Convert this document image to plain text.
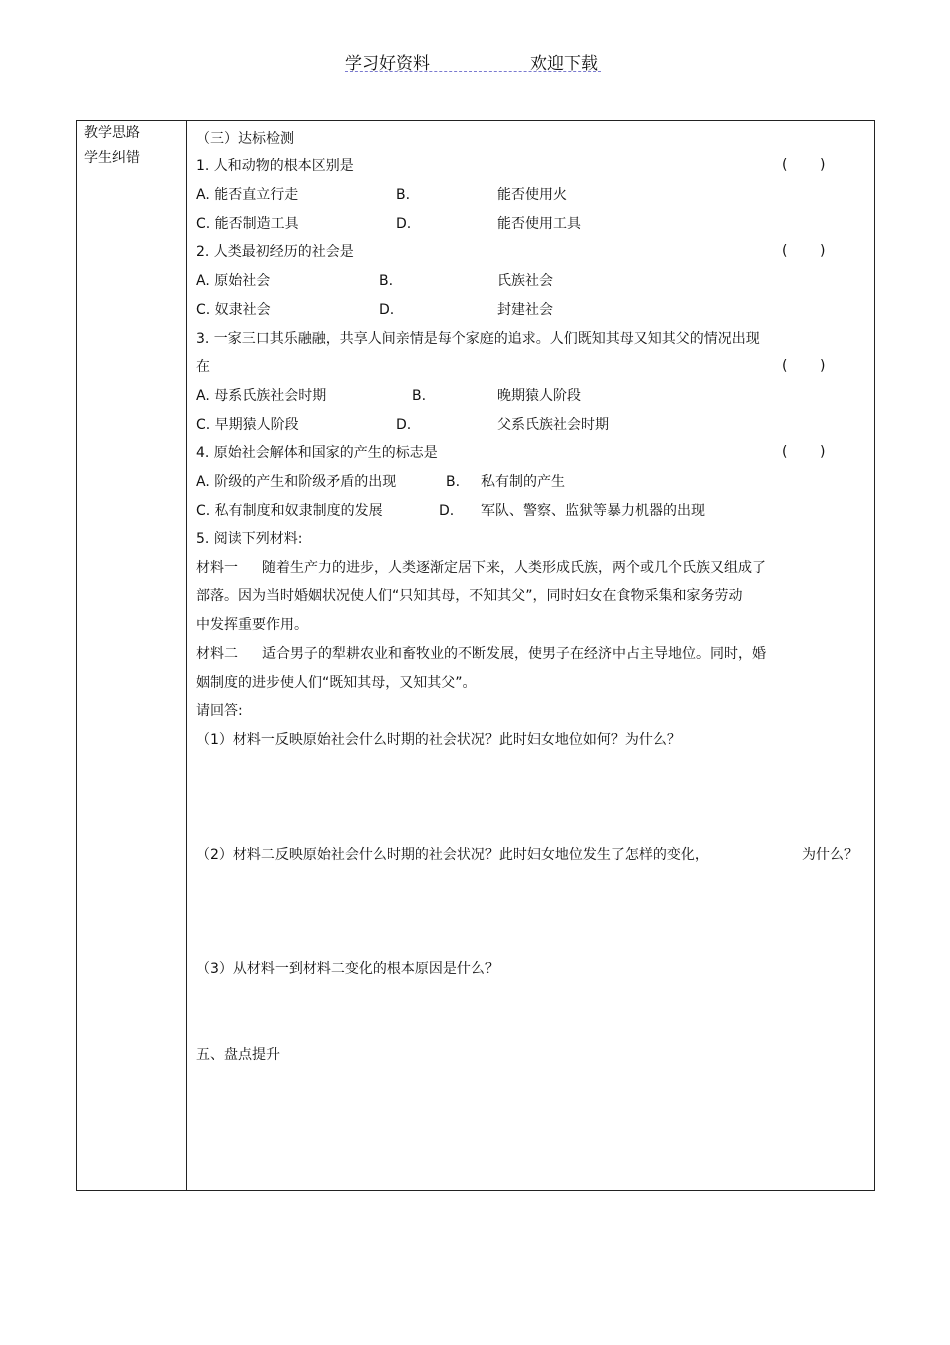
学习好资料	欢迎下载
教学思路
学生纠错
（三）达标检测
1. 人和动物的根本区别是	( )
A. 能否直立行走	B.	能否使用火
C. 能否制造工具	D.	能否使用工具
2. 人类最初经历的社会是	( )
A. 原始社会	B.	氏族社会
C. 奴隶社会	D.	封建社会
3. 一家三口其乐融融，共享人间亲情是每个家庭的追求。人们既知其母又知其父的情况出现
在	( )
A. 母系氏族社会时期	B.	晚期猿人阶段
C. 早期猿人阶段	D.	父系氏族社会时期
4. 原始社会解体和国家的产生的标志是	( )
A. 阶级的产生和阶级矛盾的出现	B. 私有制的产生
C. 私有制度和奴隶制度的发展	D. 军队、警察、监狱等暴力机器的出现
5. 阅读下列材料:
材料一 随着生产力的进步，人类逐渐定居下来，人类形成氏族，两个或几个氏族又组成了
部落。因为当时婚姻状况使人们“只知其母，不知其父”，同时妇女在食物采集和家务劳动
中发挥重要作用。
材料二 适合男子的犁耕农业和畜牧业的不断发展，使男子在经济中占主导地位。同时，婚
姻制度的进步使人们“既知其母，又知其父”。
请回答:
（1）材料一反映原始社会什么时期的社会状况？此时妇女地位如何？为什么？
（2）材料二反映原始社会什么时期的社会状况？此时妇女地位发生了怎样的变化，	为什么？
（3）从材料一到材料二变化的根本原因是什么？
五、盘点提升
